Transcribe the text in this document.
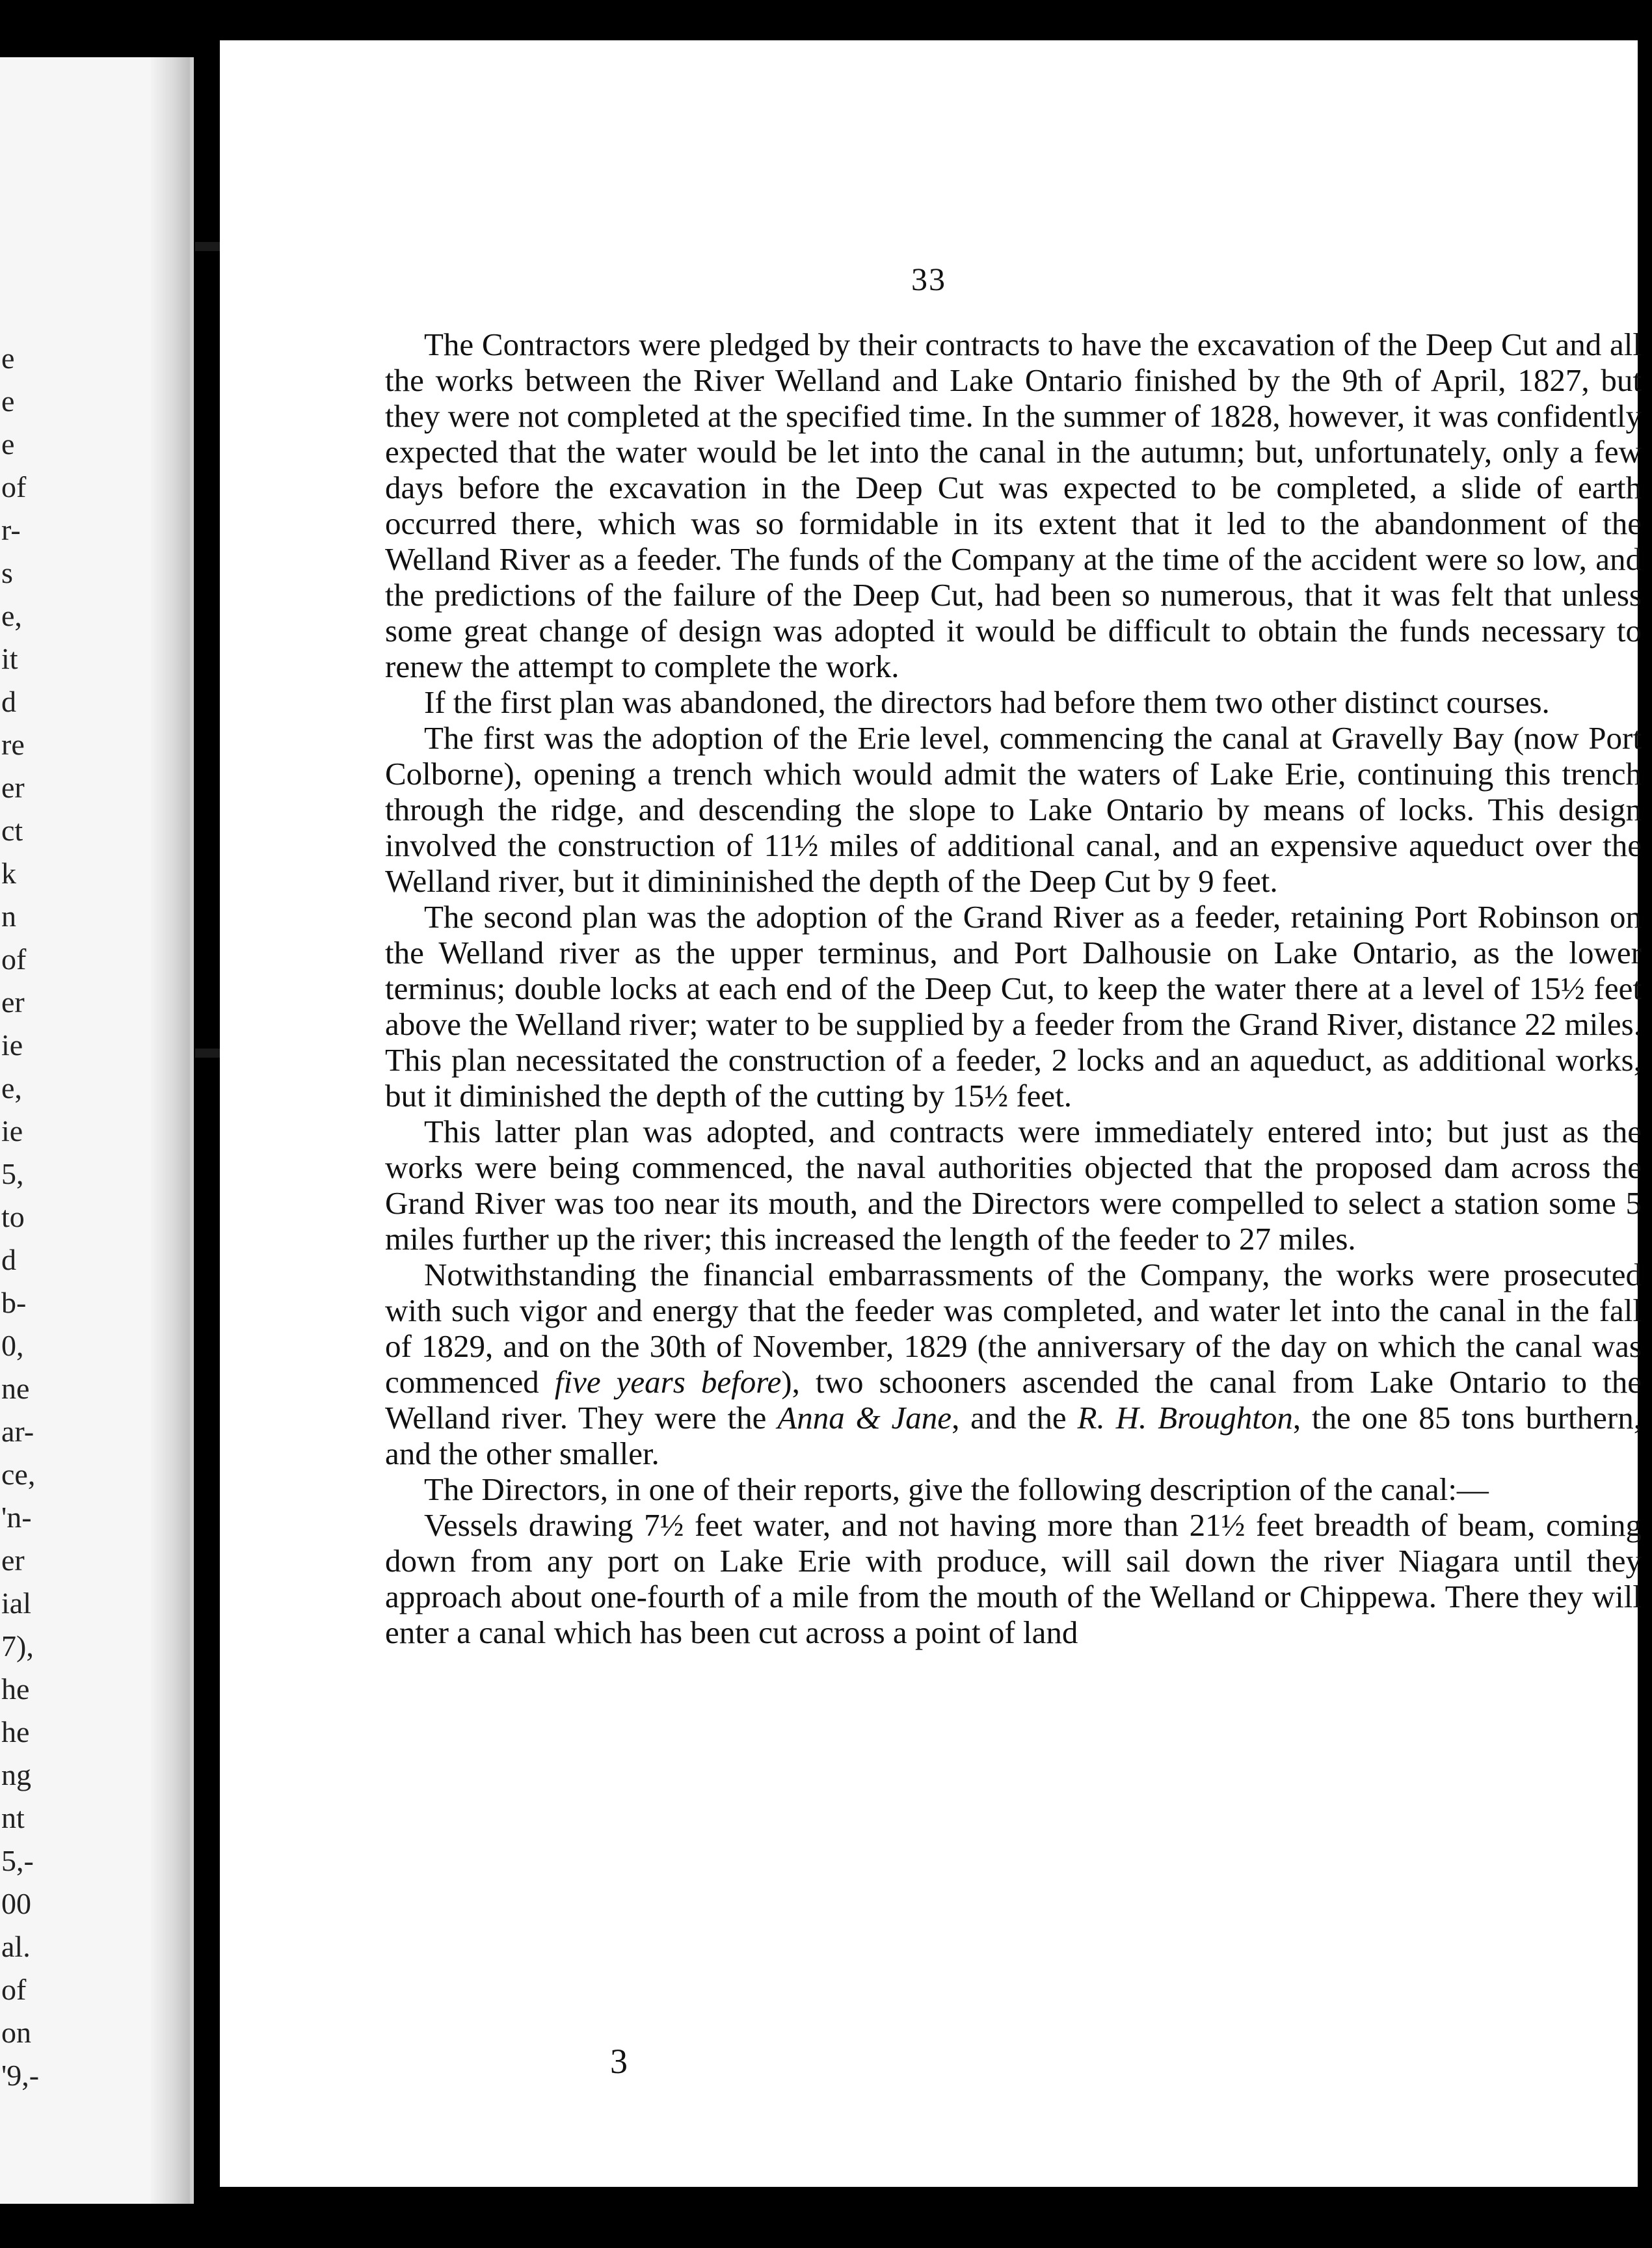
e
e
e
of
r-
s
e,
it
d
re
er
ct
k
n
of
er
ie
e,
ie
5,
to
d
b-
0,
ne
ar-
ce,
'n-
er
ial
7),
he
he
ng
nt
5,-
00
al.
of
on
'9,-
33

The Contractors were pledged by their contracts to have the excavation of the Deep Cut and all the works between the River Welland and Lake Ontario finished by the 9th of April, 1827, but they were not completed at the specified time. In the summer of 1828, however, it was confidently expected that the water would be let into the canal in the autumn; but, unfortunately, only a few days before the excavation in the Deep Cut was expected to be completed, a slide of earth occurred there, which was so formidable in its extent that it led to the abandonment of the Welland River as a feeder. The funds of the Company at the time of the accident were so low, and the predictions of the failure of the Deep Cut, had been so numerous, that it was felt that unless some great change of design was adopted it would be difficult to obtain the funds necessary to renew the attempt to complete the work.

If the first plan was abandoned, the directors had before them two other distinct courses.

The first was the adoption of the Erie level, commencing the canal at Gravelly Bay (now Port Colborne), opening a trench which would admit the waters of Lake Erie, continuing this trench through the ridge, and descending the slope to Lake Ontario by means of locks. This design involved the construction of 11½ miles of additional canal, and an expensive aqueduct over the Welland river, but it dimininished the depth of the Deep Cut by 9 feet.

The second plan was the adoption of the Grand River as a feeder, retaining Port Robinson on the Welland river as the upper terminus, and Port Dalhousie on Lake Ontario, as the lower terminus; double locks at each end of the Deep Cut, to keep the water there at a level of 15½ feet above the Welland river; water to be supplied by a feeder from the Grand River, distance 22 miles. This plan necessitated the construction of a feeder, 2 locks and an aqueduct, as additional works, but it diminished the depth of the cutting by 15½ feet.

This latter plan was adopted, and contracts were immediately entered into; but just as the works were being commenced, the naval authorities objected that the proposed dam across the Grand River was too near its mouth, and the Directors were compelled to select a station some 5 miles further up the river; this increased the length of the feeder to 27 miles.

Notwithstanding the financial embarrassments of the Company, the works were prosecuted with such vigor and energy that the feeder was completed, and water let into the canal in the fall of 1829, and on the 30th of November, 1829 (the anniversary of the day on which the canal was commenced five years before), two schooners ascended the canal from Lake Ontario to the Welland river. They were the Anna & Jane, and the R. H. Broughton, the one 85 tons burthern, and the other smaller.

The Directors, in one of their reports, give the following description of the canal:—

Vessels drawing 7½ feet water, and not having more than 21½ feet breadth of beam, coming down from any port on Lake Erie with produce, will sail down the river Niagara until they approach about one-fourth of a mile from the mouth of the Welland or Chippewa. There they will enter a canal which has been cut across a point of land

3
